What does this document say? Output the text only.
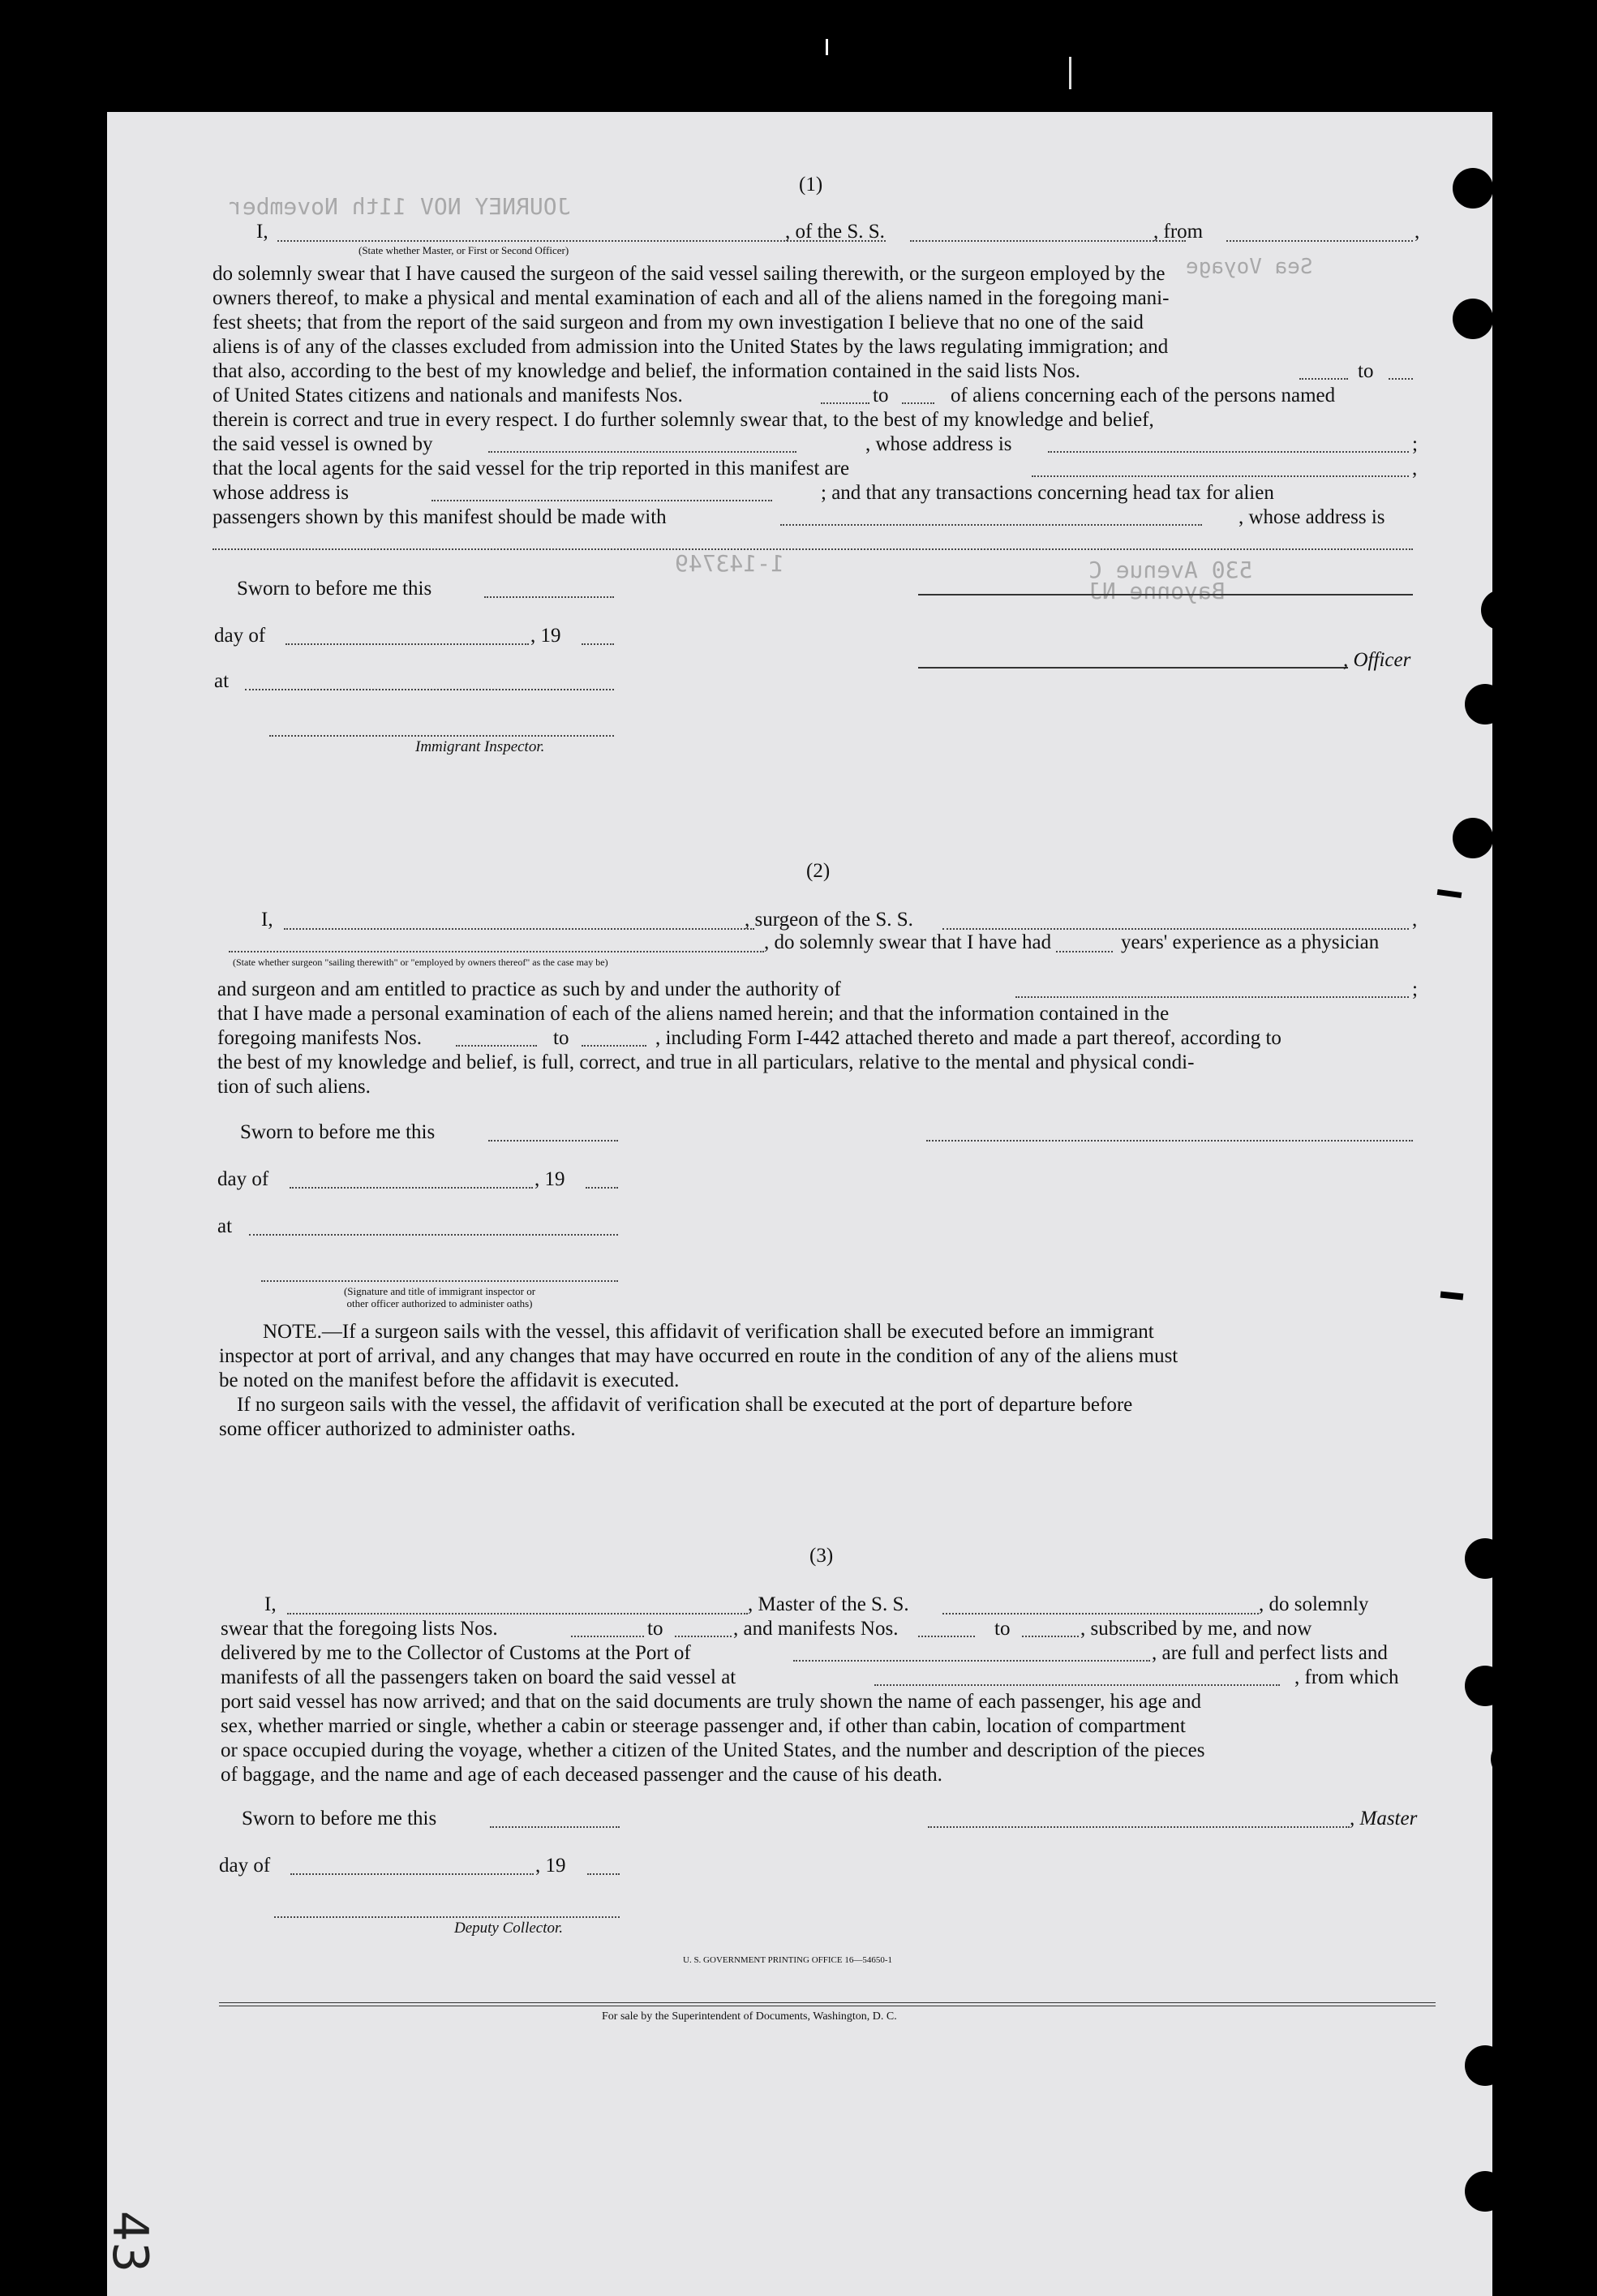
JOURNEY NOV 11th November
Sea Voyage
1-143749	530 Avenue C
Bayonne NJ
(1)
I,	, of the S. S.	, from	,
(State whether Master, or First or Second Officer)
do solemnly swear that I have caused the surgeon of the said vessel sailing therewith, or the surgeon employed by the
owners thereof, to make a physical and mental examination of each and all of the aliens named in the foregoing mani-
fest sheets; that from the report of the said surgeon and from my own investigation I believe that no one of the said
aliens is of any of the classes excluded from admission into the United States by the laws regulating immigration; and
that also, according to the best of my knowledge and belief, the information contained in the said lists Nos.	to
of United States citizens and nationals and manifests Nos.	to	of aliens concerning each of the persons named
therein is correct and true in every respect. I do further solemnly swear that, to the best of my knowledge and belief,
the said vessel is owned by	, whose address is	;
that the local agents for the said vessel for the trip reported in this manifest are	,
whose address is	; and that any transactions concerning head tax for alien
passengers shown by this manifest should be made with	, whose address is
Sworn to before me this
day of	, 19
, Officer
at
Immigrant Inspector.
(2)
I,	, surgeon of the S. S.	,
, do solemnly swear that I have had	years' experience as a physician
(State whether surgeon "sailing therewith" or "employed by owners thereof" as the case may be)
and surgeon and am entitled to practice as such by and under the authority of	;
that I have made a personal examination of each of the aliens named herein; and that the information contained in the
foregoing manifests Nos.	to	, including Form I-442 attached thereto and made a part thereof, according to
the best of my knowledge and belief, is full, correct, and true in all particulars, relative to the mental and physical condi-
tion of such aliens.
Sworn to before me this
day of	, 19
at
(Signature and title of immigrant inspector or
other officer authorized to administer oaths)
NOTE.—If a surgeon sails with the vessel, this affidavit of verification shall be executed before an immigrant
inspector at port of arrival, and any changes that may have occurred en route in the condition of any of the aliens must
be noted on the manifest before the affidavit is executed.
If no surgeon sails with the vessel, the affidavit of verification shall be executed at the port of departure before
some officer authorized to administer oaths.
(3)
I,	, Master of the S. S.	, do solemnly
swear that the foregoing lists Nos.	to	, and manifests Nos.	to	, subscribed by me, and now
delivered by me to the Collector of Customs at the Port of	, are full and perfect lists and
manifests of all the passengers taken on board the said vessel at	, from which
port said vessel has now arrived; and that on the said documents are truly shown the name of each passenger, his age and
sex, whether married or single, whether a cabin or steerage passenger and, if other than cabin, location of compartment
or space occupied during the voyage, whether a citizen of the United States, and the number and description of the pieces
of baggage, and the name and age of each deceased passenger and the cause of his death.
Sworn to before me this	, Master
day of	, 19
Deputy Collector.
U. S. GOVERNMENT PRINTING OFFICE 16—54650-1
For sale by the Superintendent of Documents, Washington, D. C.
43
